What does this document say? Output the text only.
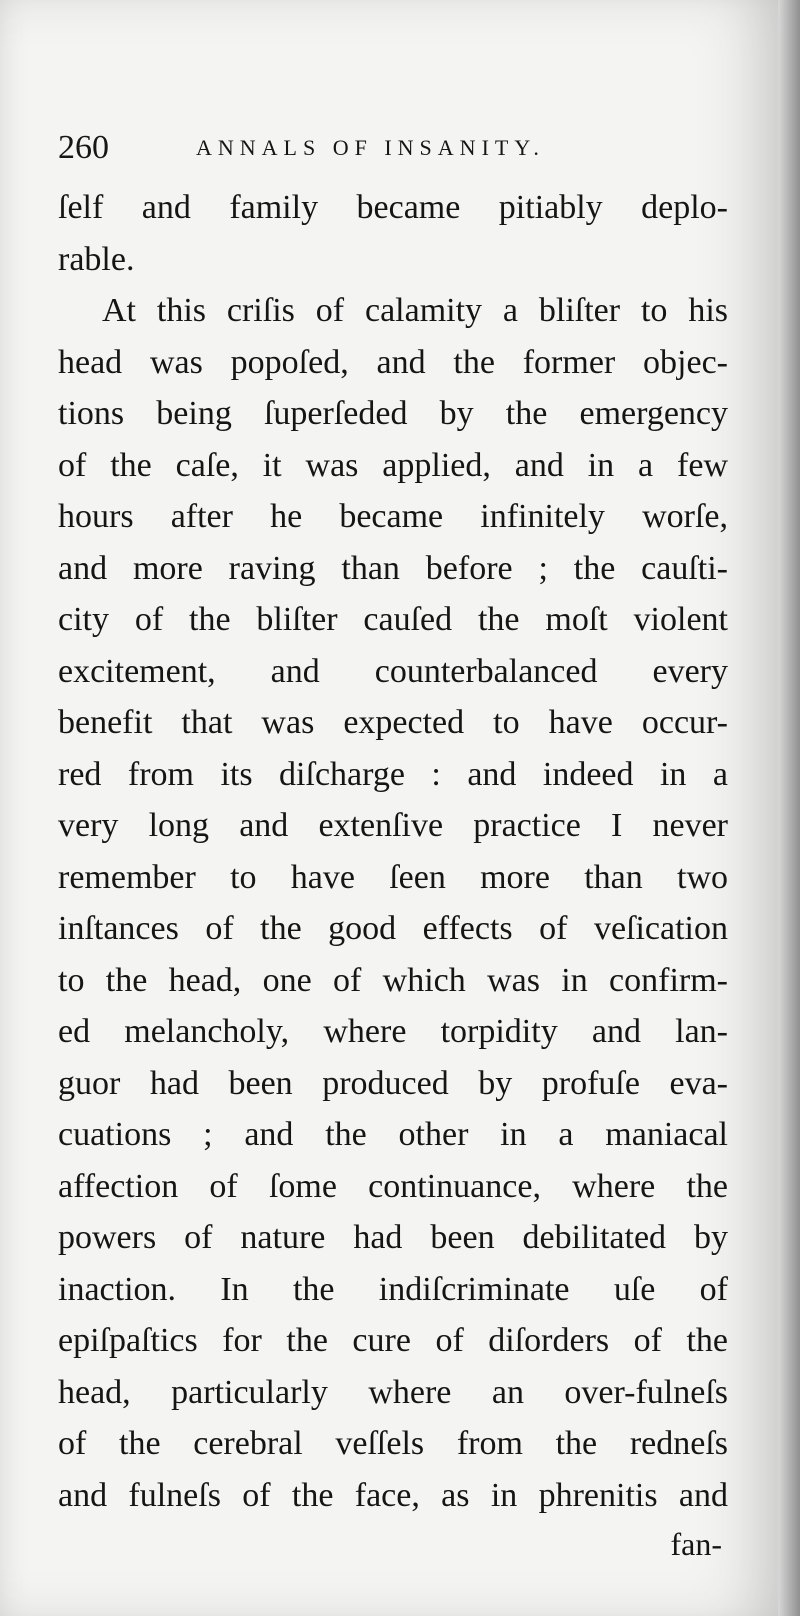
260	ANNALS OF INSANITY.
ſelf and family became pitiably deplo-
rable.
At this criſis of calamity a bliſter to his
head was popoſed, and the former objec-
tions being ſuperſeded by the emergency
of the caſe, it was applied, and in a few
hours after he became infinitely worſe,
and more raving than before ; the cauſti-
city of the bliſter cauſed the moſt violent
excitement, and counterbalanced every
benefit that was expected to have occur-
red from its diſcharge : and indeed in a
very long and extenſive practice I never
remember to have ſeen more than two
inſtances of the good effects of veſication
to the head, one of which was in confirm-
ed melancholy, where torpidity and lan-
guor had been produced by profuſe eva-
cuations ; and the other in a maniacal
affection of ſome continuance, where the
powers of nature had been debilitated by
inaction. In the indiſcriminate uſe of
epiſpaſtics for the cure of diſorders of the
head, particularly where an over-fulneſs
of the cerebral veſſels from the redneſs
and fulneſs of the face, as in phrenitis and
fan-
